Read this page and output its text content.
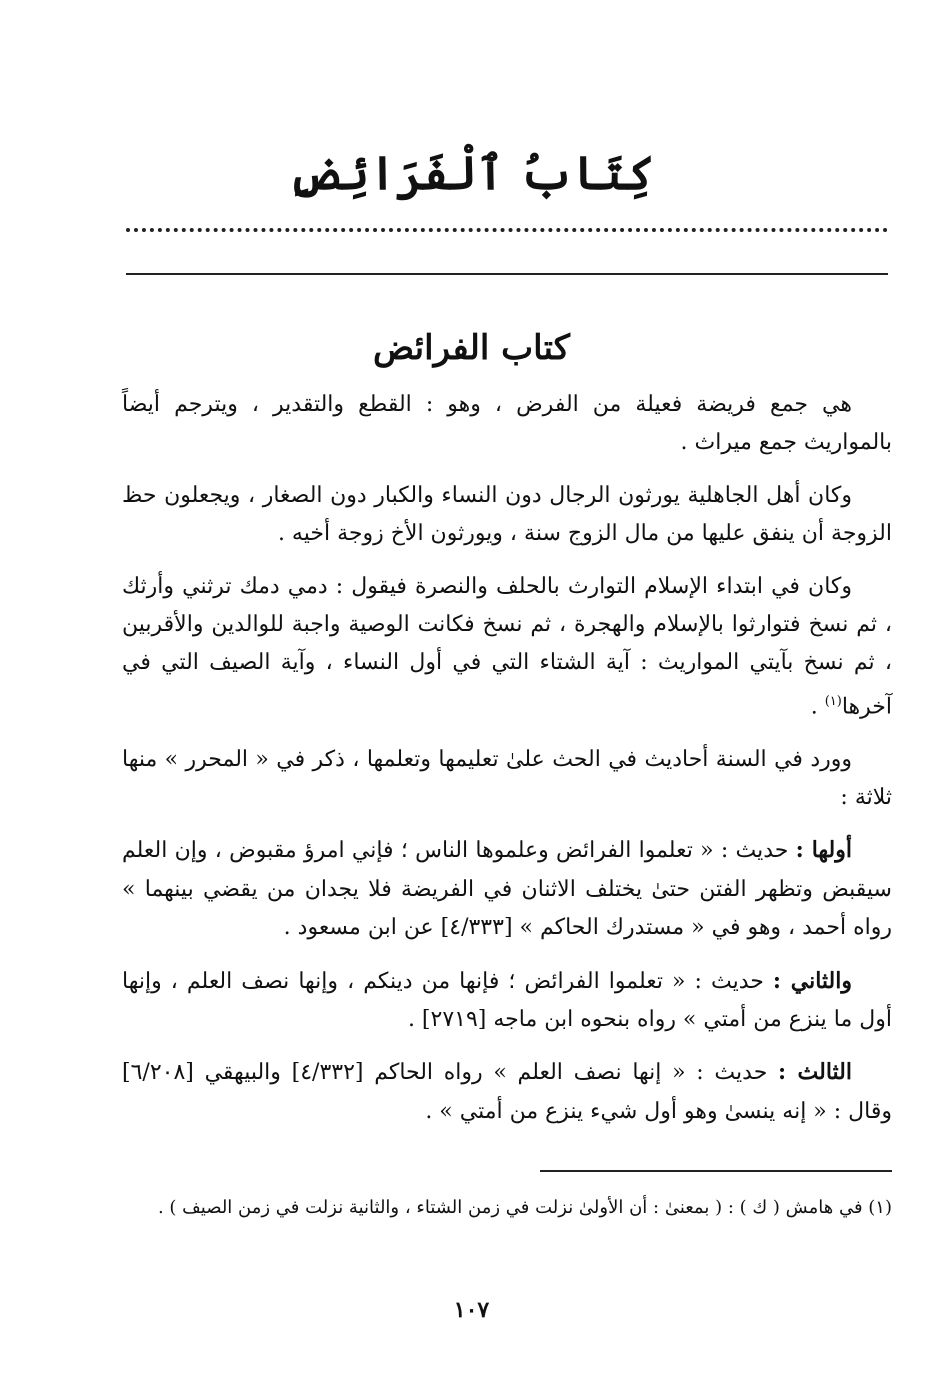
كِتَابُ ٱلْفَرَائِضِ
كتاب الفرائض

هي جمع فريضة فعيلة من الفرض ، وهو : القطع والتقدير ، ويترجم أيضاً بالمواريث جمع ميراث .

وكان أهل الجاهلية يورثون الرجال دون النساء والكبار دون الصغار ، ويجعلون حظ الزوجة أن ينفق عليها من مال الزوج سنة ، ويورثون الأخ زوجة أخيه .

وكان في ابتداء الإسلام التوارث بالحلف والنصرة فيقول : دمي دمك ترثني وأرثك ، ثم نسخ فتوارثوا بالإسلام والهجرة ، ثم نسخ فكانت الوصية واجبة للوالدين والأقربين ، ثم نسخ بآيتي المواريث : آية الشتاء التي في أول النساء ، وآية الصيف التي في آخرها$^{(١)}$ .

وورد في السنة أحاديث في الحث علىٰ تعليمها وتعلمها ، ذكر في « المحرر » منها ثلاثة :

أولها : حديث : « تعلموا الفرائض وعلموها الناس ؛ فإني امرؤ مقبوض ، وإن العلم سيقبض وتظهر الفتن حتىٰ يختلف الاثنان في الفريضة فلا يجدان من يقضي بينهما » رواه أحمد ، وهو في « مستدرك الحاكم » [٤/٣٣٣] عن ابن مسعود .

والثاني : حديث : « تعلموا الفرائض ؛ فإنها من دينكم ، وإنها نصف العلم ، وإنها أول ما ينزع من أمتي » رواه بنحوه ابن ماجه [٢٧١٩] .

الثالث : حديث : « إنها نصف العلم » رواه الحاكم [٤/٣٣٢] والبيهقي [٦/٢٠٨] وقال : « إنه ينسىٰ وهو أول شيء ينزع من أمتي » .

(١) في هامش ( ك ) : ( بمعنىٰ : أن الأولىٰ نزلت في زمن الشتاء ، والثانية نزلت في زمن الصيف ) .
١٠٧
